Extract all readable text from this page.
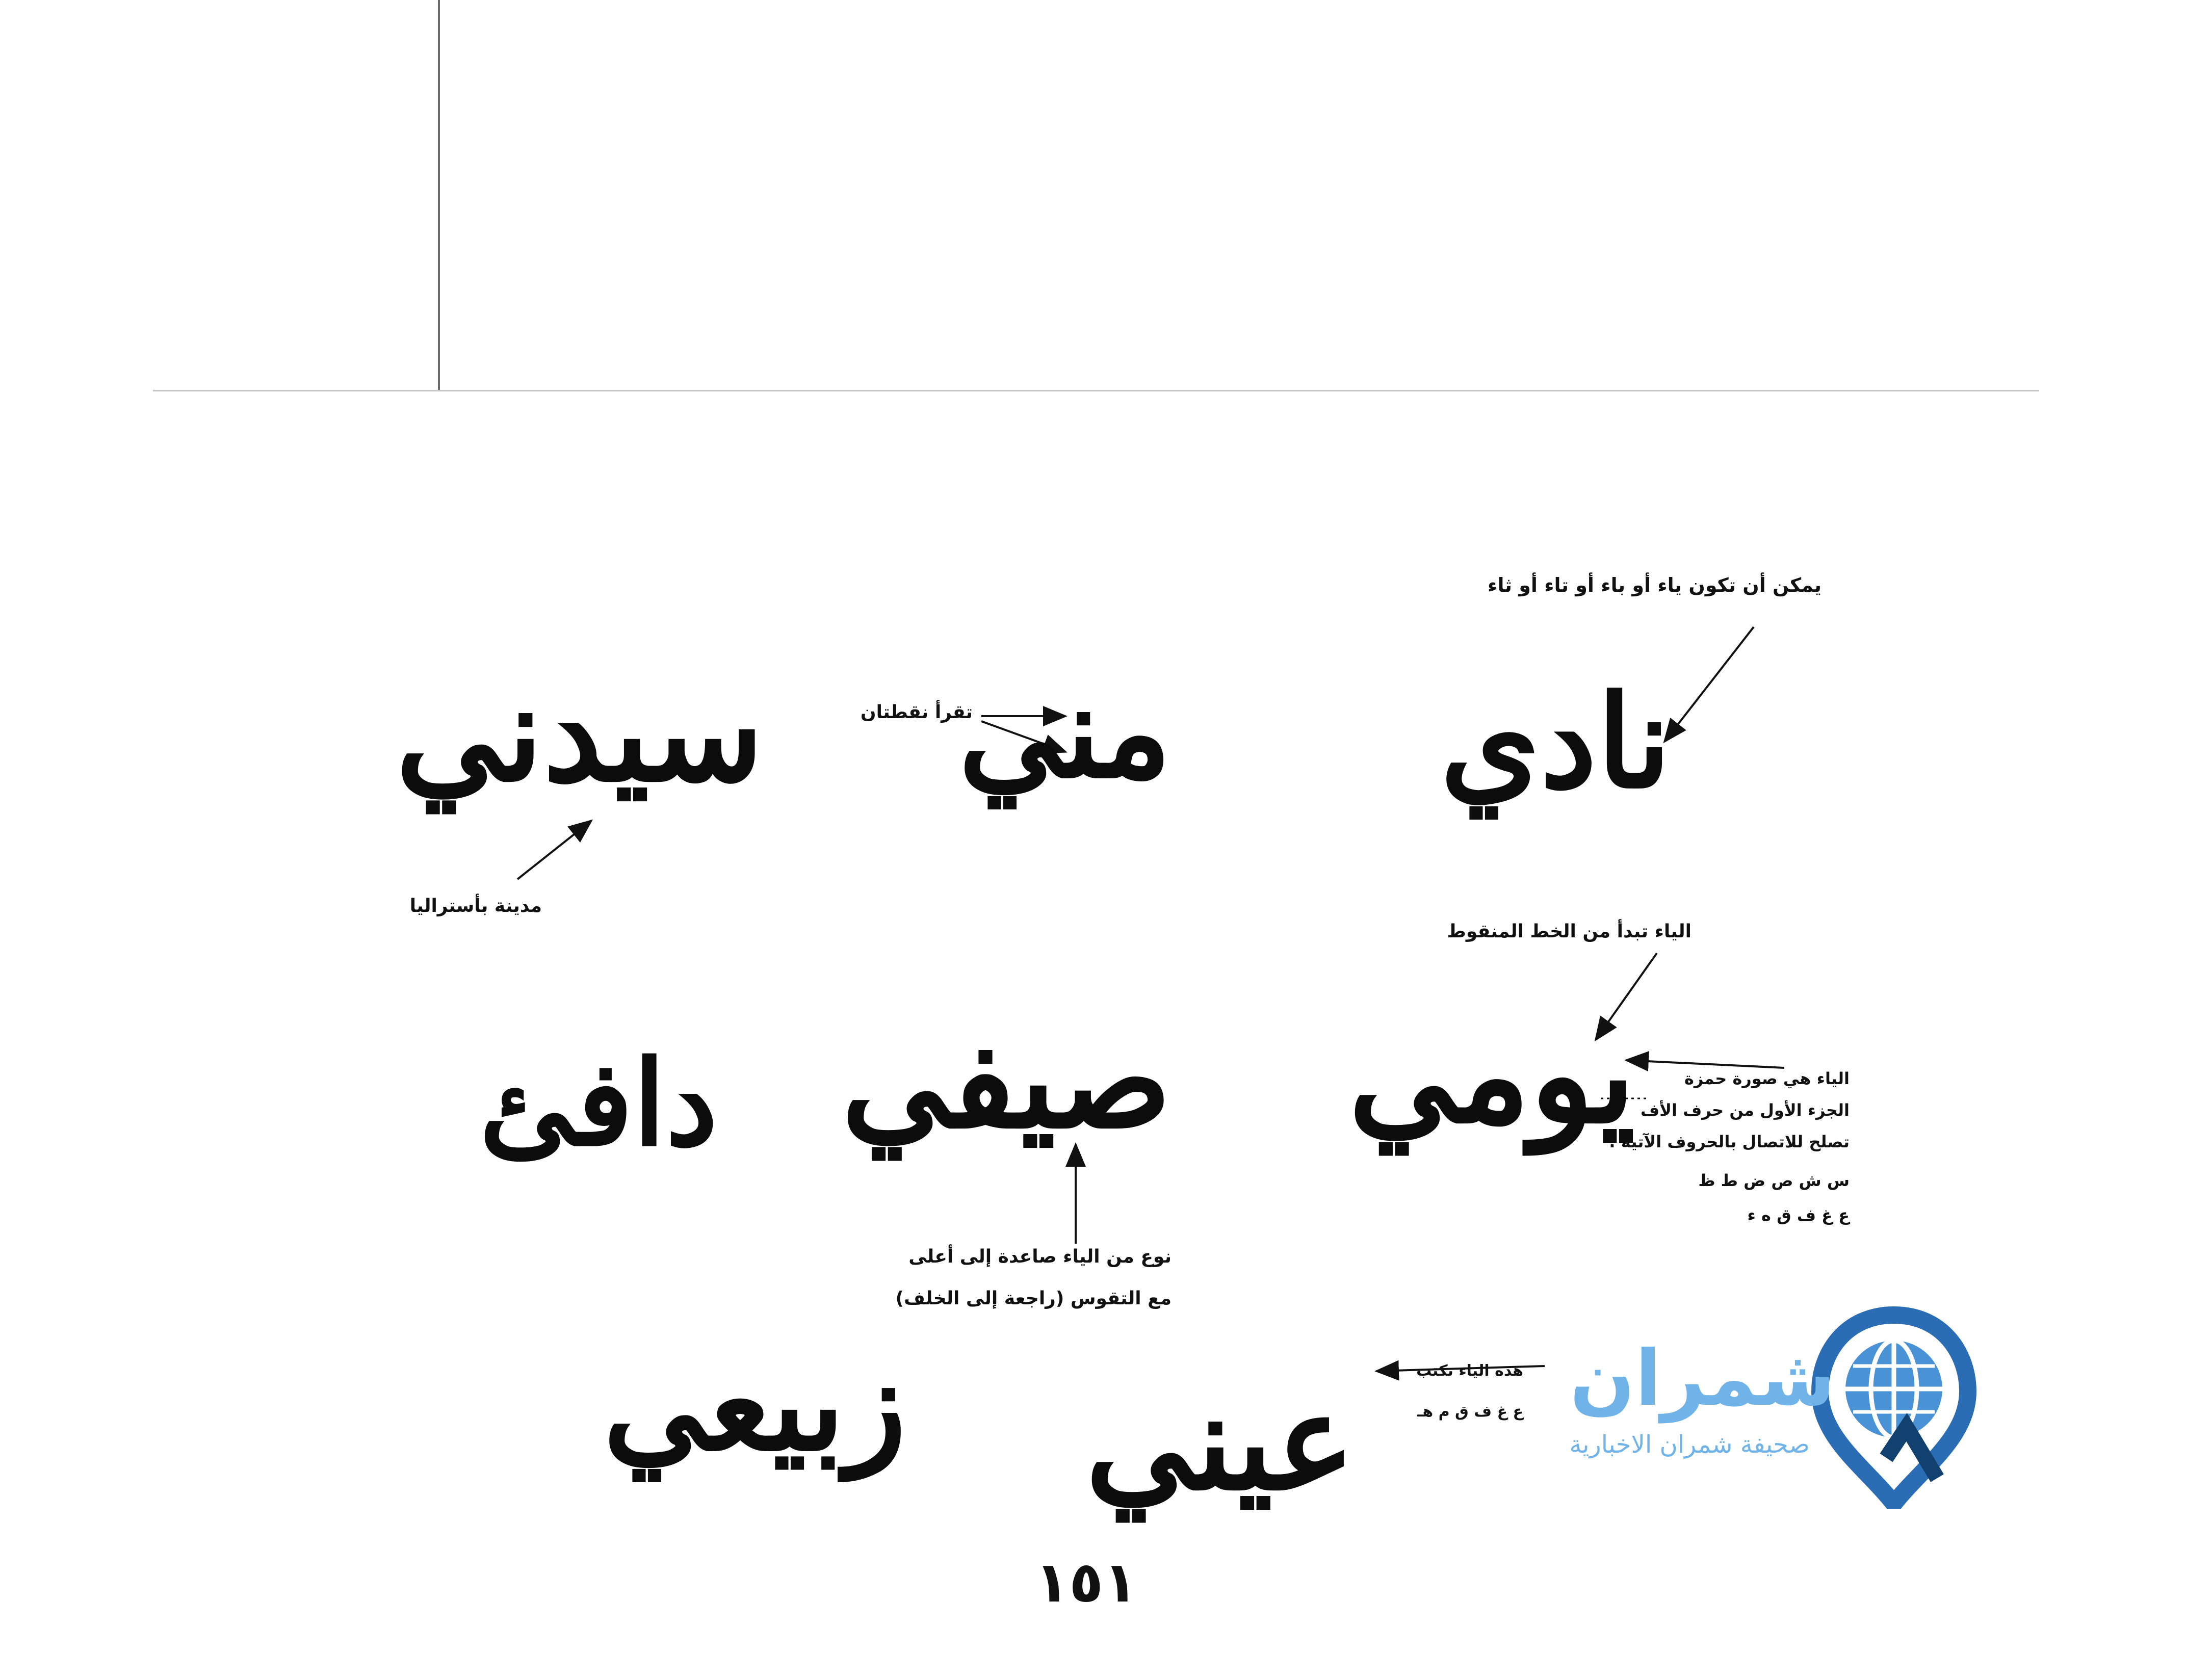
نادي
مني
سيدني
يومي
صيفي
دافئ
عيني
زبيعي
يمكن أن تكون ياء أو باء أو تاء أو ثاء
تقرأ نقطتان
مدينة بأستراليا
الياء تبدأ من الخط المنقوط
الياء هي صورة حمزة
الجزء الأول من حرف الأف
تصلح للاتصال بالحروف الآتية :
س ش ص ض ط ظ
ع غ ف ق ه ء
نوع من الياء صاعدة إلى أعلى
مع التقوس (راجعة إلى الخلف)
هذه الياء تكتب
ع غ ف ق م هـ شمران
صحيفة شمران الاخبارية
١٥١
